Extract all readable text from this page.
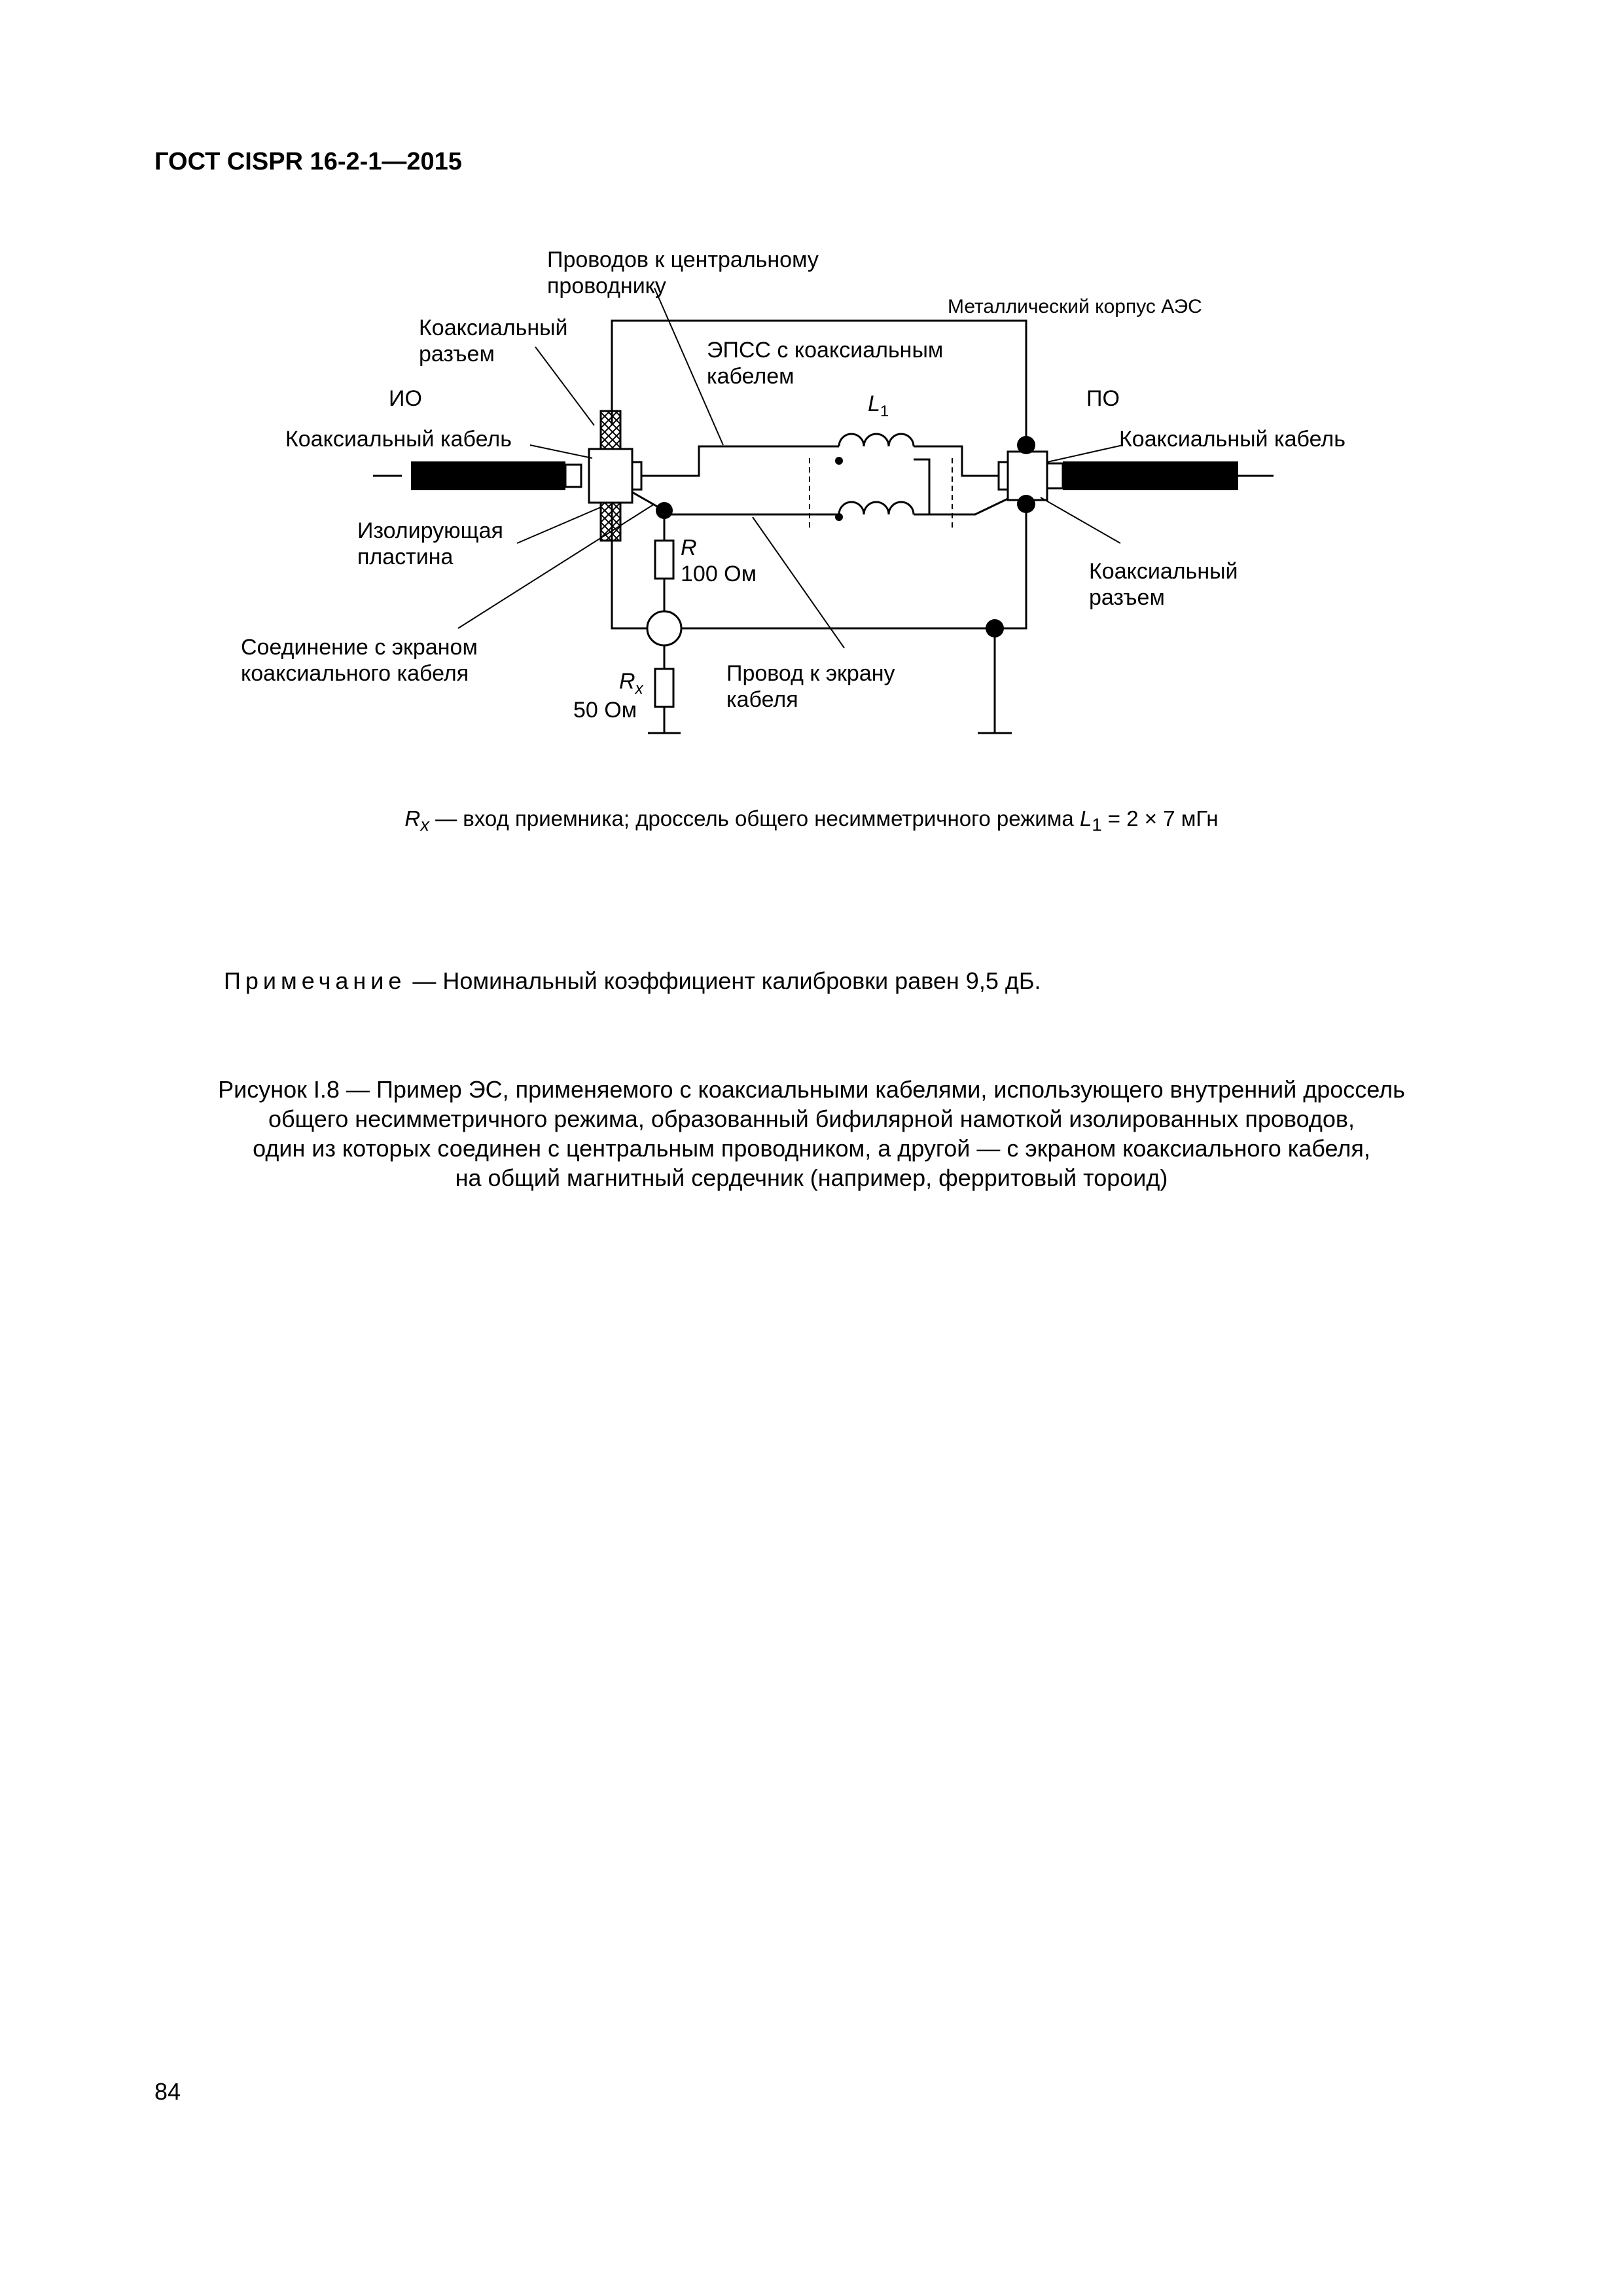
ГОСТ CISPR 16-2-1—2015
Проводов к центральному
проводнику
Металлический корпус АЭС
Коаксиальный
разъем	ЭПСС с коаксиальным
кабелем
ИО	ПО
$L_1$
Коаксиальный кабель	Коаксиальный кабель
Изолирующая
пластина	R
100 Ом	Коаксиальный
разъем
Соединение с экраном
коаксиального кабеля	$R_x$
50 Ом
Провод к экрану
кабеля
$R_x$ — вход приемника; дроссель общего несимметричного режима $L_1 = 2 \times 7$ мГн
Примечание — Номинальный коэффициент калибровки равен 9,5 дБ.
Рисунок I.8 — Пример ЭС, применяемого с коаксиальными кабелями, использующего внутренний дроссель
общего несимметричного режима, образованный бифилярной намоткой изолированных проводов,
один из которых соединен с центральным проводником, а другой — с экраном коаксиального кабеля,
на общий магнитный сердечник (например, ферритовый тороид)
84
